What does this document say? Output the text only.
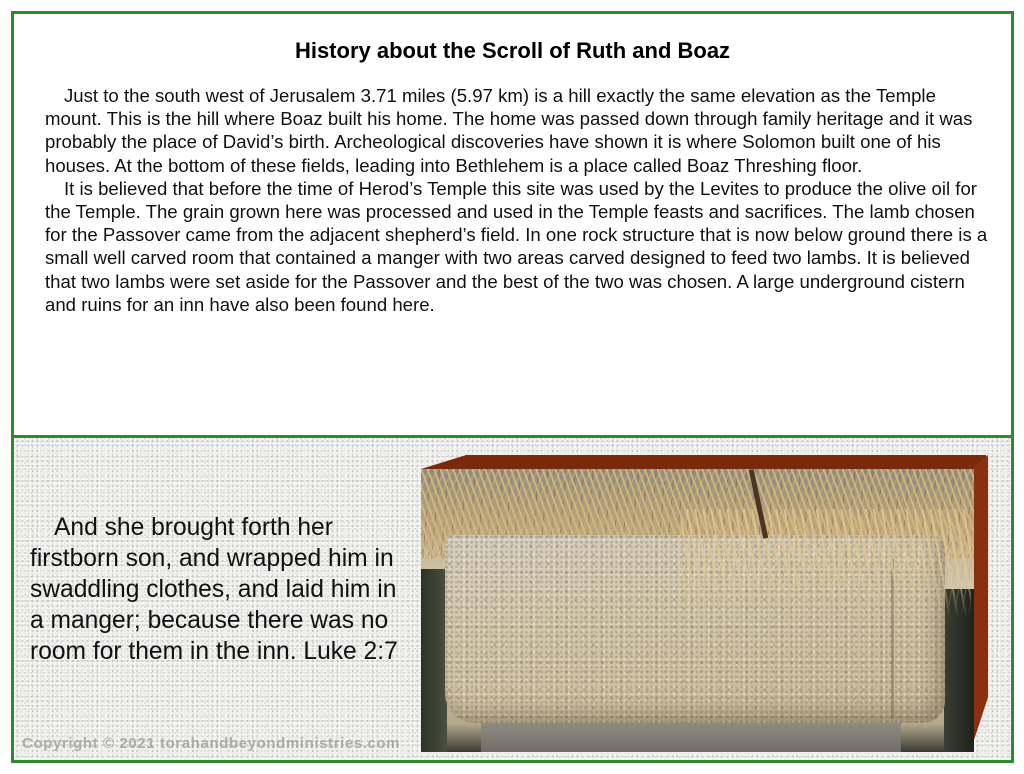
History about the Scroll of Ruth and Boaz

Just to the south west of Jerusalem 3.71 miles (5.97 km) is a hill exactly the same elevation as the Temple mount. This is the hill where Boaz built his home. The home was passed down through family heritage and it was probably the place of David’s birth. Archeological discoveries have shown it is where Solomon built one of his houses. At the bottom of these fields, leading into Bethlehem is a place called Boaz Threshing floor.

It is believed that before the time of Herod’s Temple this site was used by the Levites to produce the olive oil for the Temple. The grain grown here was processed and used in the Temple feasts and sacrifices. The lamb chosen for the Passover came from the adjacent shepherd’s field. In one rock structure that is now below ground there is a small well carved room that contained a manger with two areas carved designed to feed two lambs. It is believed that two lambs were set aside for the Passover and the best of the two was chosen. A large underground cistern and ruins for an inn have also been found here.

And she brought forth her firstborn son, and wrapped him in swaddling clothes, and laid him in a manger; because there was no room for them in the inn. Luke 2:7

Copyright © 2021 torahandbeyondministries.com
